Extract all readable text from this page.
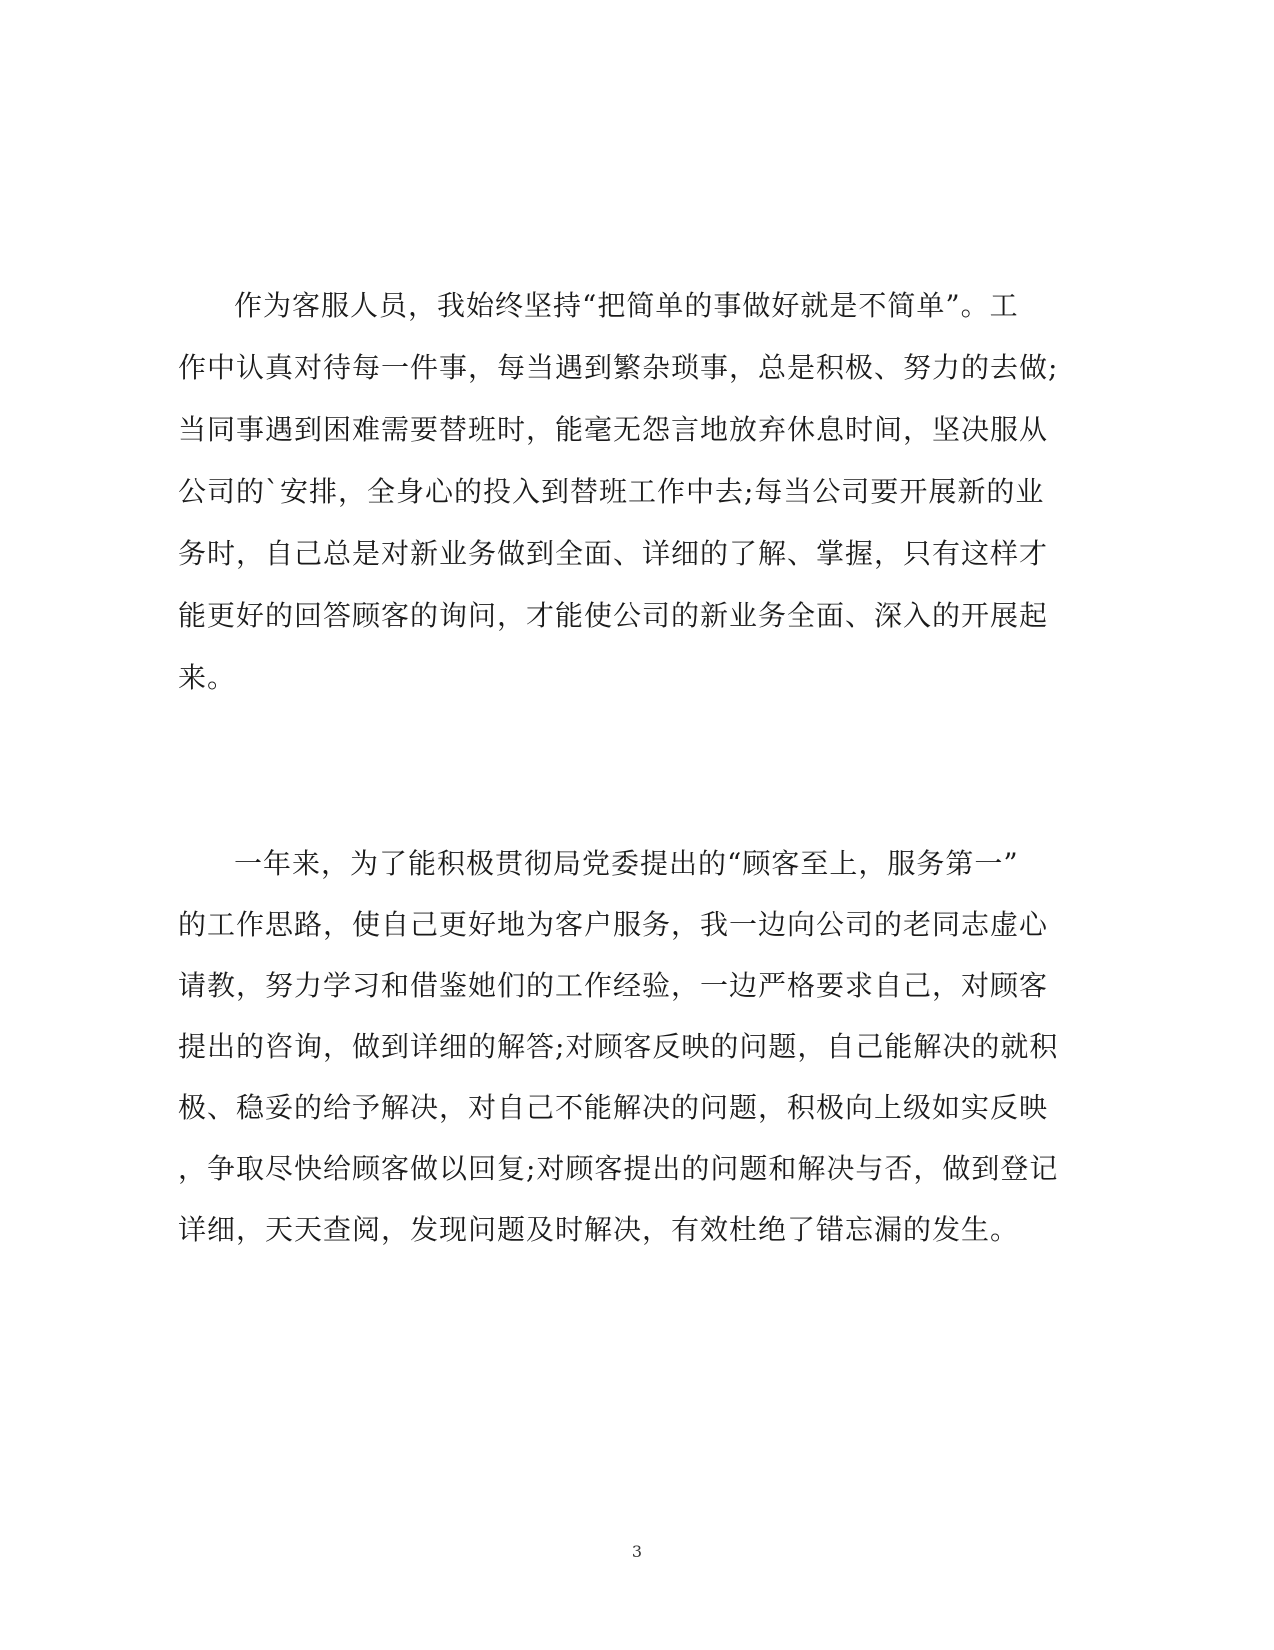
作为客服人员，我始终坚持“把简单的事做好就是不简单”。工
作中认真对待每一件事，每当遇到繁杂琐事，总是积极、努力的去做;
当同事遇到困难需要替班时，能毫无怨言地放弃休息时间，坚决服从
公司的`安排，全身心的投入到替班工作中去;每当公司要开展新的业
务时，自己总是对新业务做到全面、详细的了解、掌握，只有这样才
能更好的回答顾客的询问，才能使公司的新业务全面、深入的开展起
来。
一年来，为了能积极贯彻局党委提出的“顾客至上，服务第一”
的工作思路，使自己更好地为客户服务，我一边向公司的老同志虚心
请教，努力学习和借鉴她们的工作经验，一边严格要求自己，对顾客
提出的咨询，做到详细的解答;对顾客反映的问题，自己能解决的就积
极、稳妥的给予解决，对自己不能解决的问题，积极向上级如实反映
，争取尽快给顾客做以回复;对顾客提出的问题和解决与否，做到登记
详细，天天查阅，发现问题及时解决，有效杜绝了错忘漏的发生。
3
